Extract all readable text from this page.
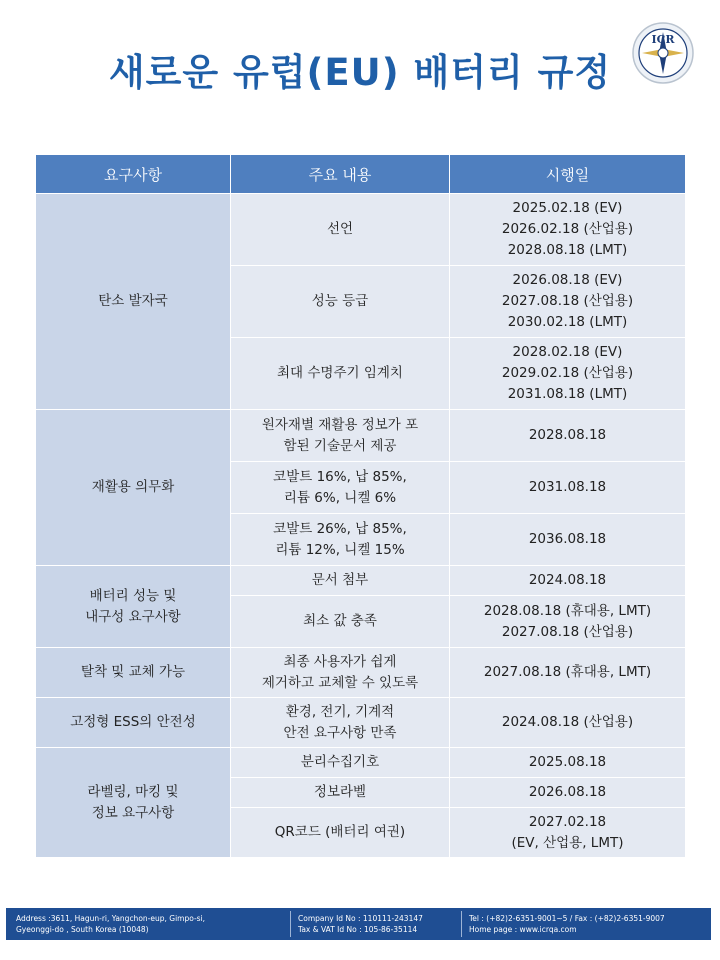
새로운 유럽(EU) 배터리 규정
ICR
요구사항	주요 내용	시행일

탄소 발자국	선언	2025.02.18 (EV)
2026.02.18 (산업용)
2028.08.18 (LMT)

	성능 등급	2026.08.18 (EV)
2027.08.18 (산업용)
2030.02.18 (LMT)

	최대 수명주기 임계치	2028.02.18 (EV)
2029.02.18 (산업용)
2031.08.18 (LMT)

재활용 의무화	원자재별 재활용 정보가 포
함된 기술문서 제공	2028.08.18

	코발트 16%, 납 85%,
리튬 6%, 니켈 6%	2031.08.18

	코발트 26%, 납 85%,
리튬 12%, 니켈 15%	2036.08.18

배터리 성능 및
내구성 요구사항	문서 첨부	2024.08.18

	최소 값 충족	2028.08.18 (휴대용, LMT)
2027.08.18 (산업용)

탈착 및 교체 가능	최종 사용자가 쉽게
제거하고 교체할 수 있도록	2027.08.18 (휴대용, LMT)

고정형 ESS의 안전성	환경, 전기, 기계적
안전 요구사항 만족	2024.08.18 (산업용)

라벨링, 마킹 및
정보 요구사항	분리수집기호	2025.08.18

	정보라벨	2026.08.18

	QR코드 (배터리 여권)	2027.02.18
(EV, 산업용, LMT)
Address :3611, Hagun-ri, Yangchon-eup, Gimpo-si,
Gyeonggi-do , South Korea (10048)
Company Id No : 110111-243147
Tax & VAT Id No : 105-86-35114
Tel : (+82)2-6351-9001~5 / Fax : (+82)2-6351-9007
Home page : www.icrqa.com
